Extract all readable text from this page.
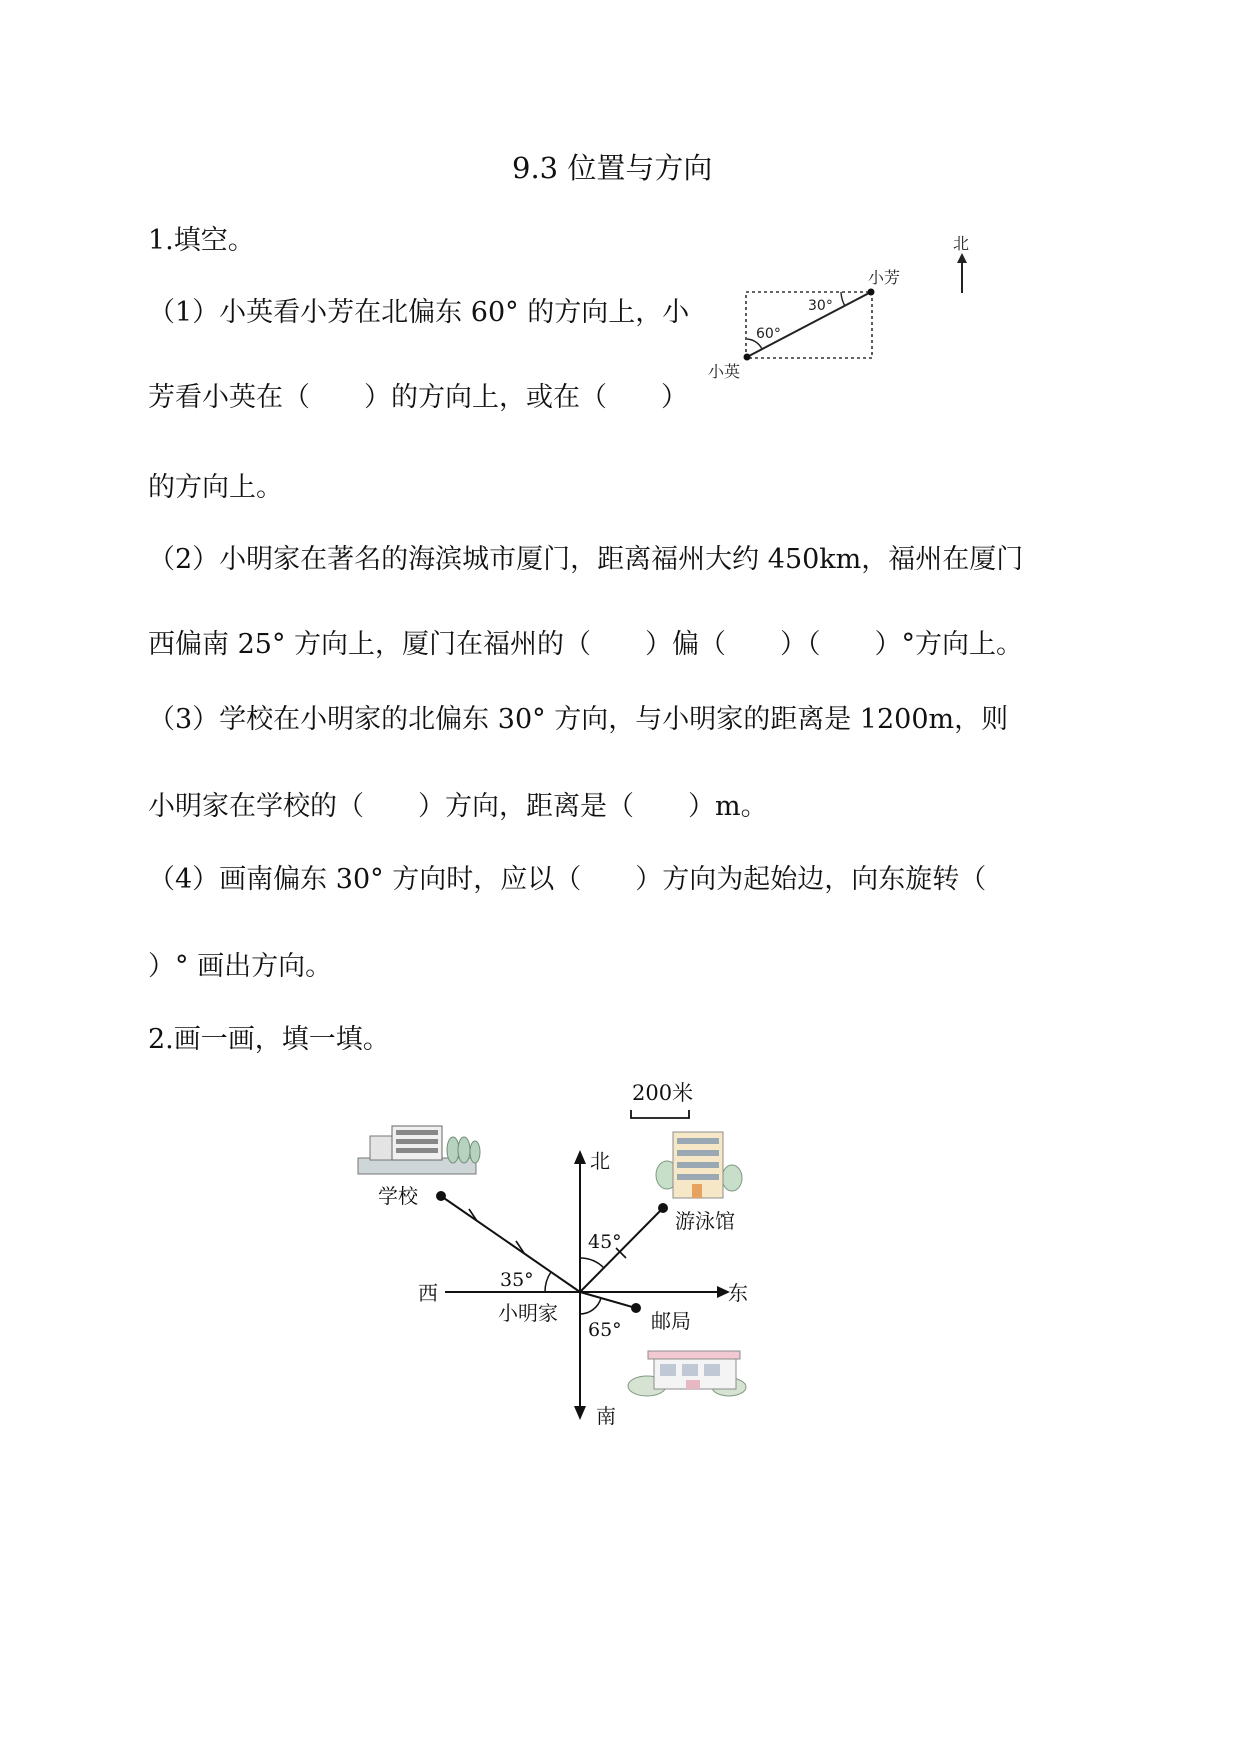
9.3 位置与方向
1.填空。
（1）小英看小芳在北偏东 60° 的方向上，小
芳看小英在（　　）的方向上，或在（　　）
的方向上。
（2）小明家在著名的海滨城市厦门，距离福州大约 450km，福州在厦门
西偏南 25° 方向上，厦门在福州的（　　）偏（　　）（　　）°方向上。
（3）学校在小明家的北偏东 30° 方向，与小明家的距离是 1200m，则
小明家在学校的（　　）方向，距离是（　　）m。
（4）画南偏东 30° 方向时，应以（　　）方向为起始边，向东旋转（
）° 画出方向。
2.画一画，填一填。
30°
60°
小芳
小英
北
200米
北
南
东
西
小明家
35°
学校
45°
游泳馆
65° 邮局
